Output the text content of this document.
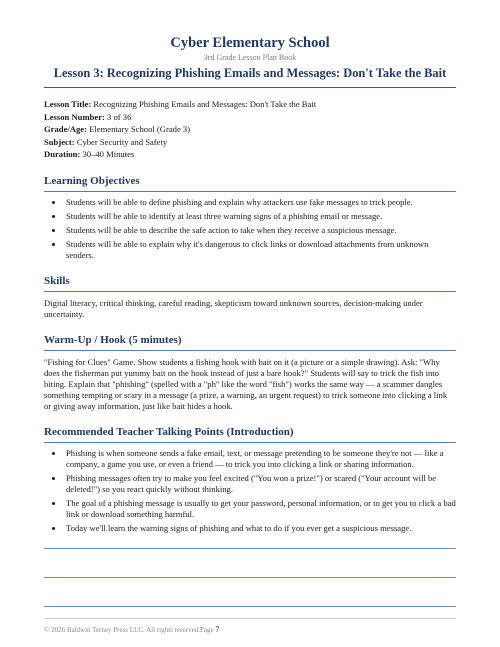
Cyber Elementary School
3rd Grade Lesson Plan Book
Lesson 3: Recognizing Phishing Emails and Messages: Don't Take the Bait
Lesson Title: Recognizing Phishing Emails and Messages: Don't Take the Bait
Lesson Number: 3 of 36
Grade/Age: Elementary School (Grade 3)
Subject: Cyber Security and Safety
Duration: 30–40 Minutes
Learning Objectives
• Students will be able to define phishing and explain why attackers use fake messages to trick people.
• Students will be able to identify at least three warning signs of a phishing email or message.
• Students will be able to describe the safe action to take when they receive a suspicious message.
• Students will be able to explain why it's dangerous to click links or download attachments from unknown senders.
Skills

Digital literacy, critical thinking, careful reading, skepticism toward unknown sources, decision-making under uncertainty.

Warm-Up / Hook (5 minutes)

"Fishing for Clues" Game. Show students a fishing hook with bait on it (a picture or a simple drawing). Ask: "Why does the fisherman put yummy bait on the hook instead of just a bare hook?" Students will say to trick the fish into biting. Explain that "phishing" (spelled with a "ph" like the word "fish") works the same way — a scammer dangles something tempting or scary in a message (a prize, a warning, an urgent request) to trick someone into clicking a link or giving away information, just like bait hides a hook.

Recommended Teacher Talking Points (Introduction)
• Phishing is when someone sends a fake email, text, or message pretending to be someone they're not — like a company, a game you use, or even a friend — to trick you into clicking a link or sharing information.
• Phishing messages often try to make you feel excited ("You won a prize!") or scared ("Your account will be deleted!") so you react quickly without thinking.
• The goal of a phishing message is usually to get your password, personal information, or to get you to click a bad link or download something harmful.
• Today we'll learn the warning signs of phishing and what to do if you ever get a suspicious message.
© 2026 Baldwin Terney Press LLC. All rights reserved.Page 7
